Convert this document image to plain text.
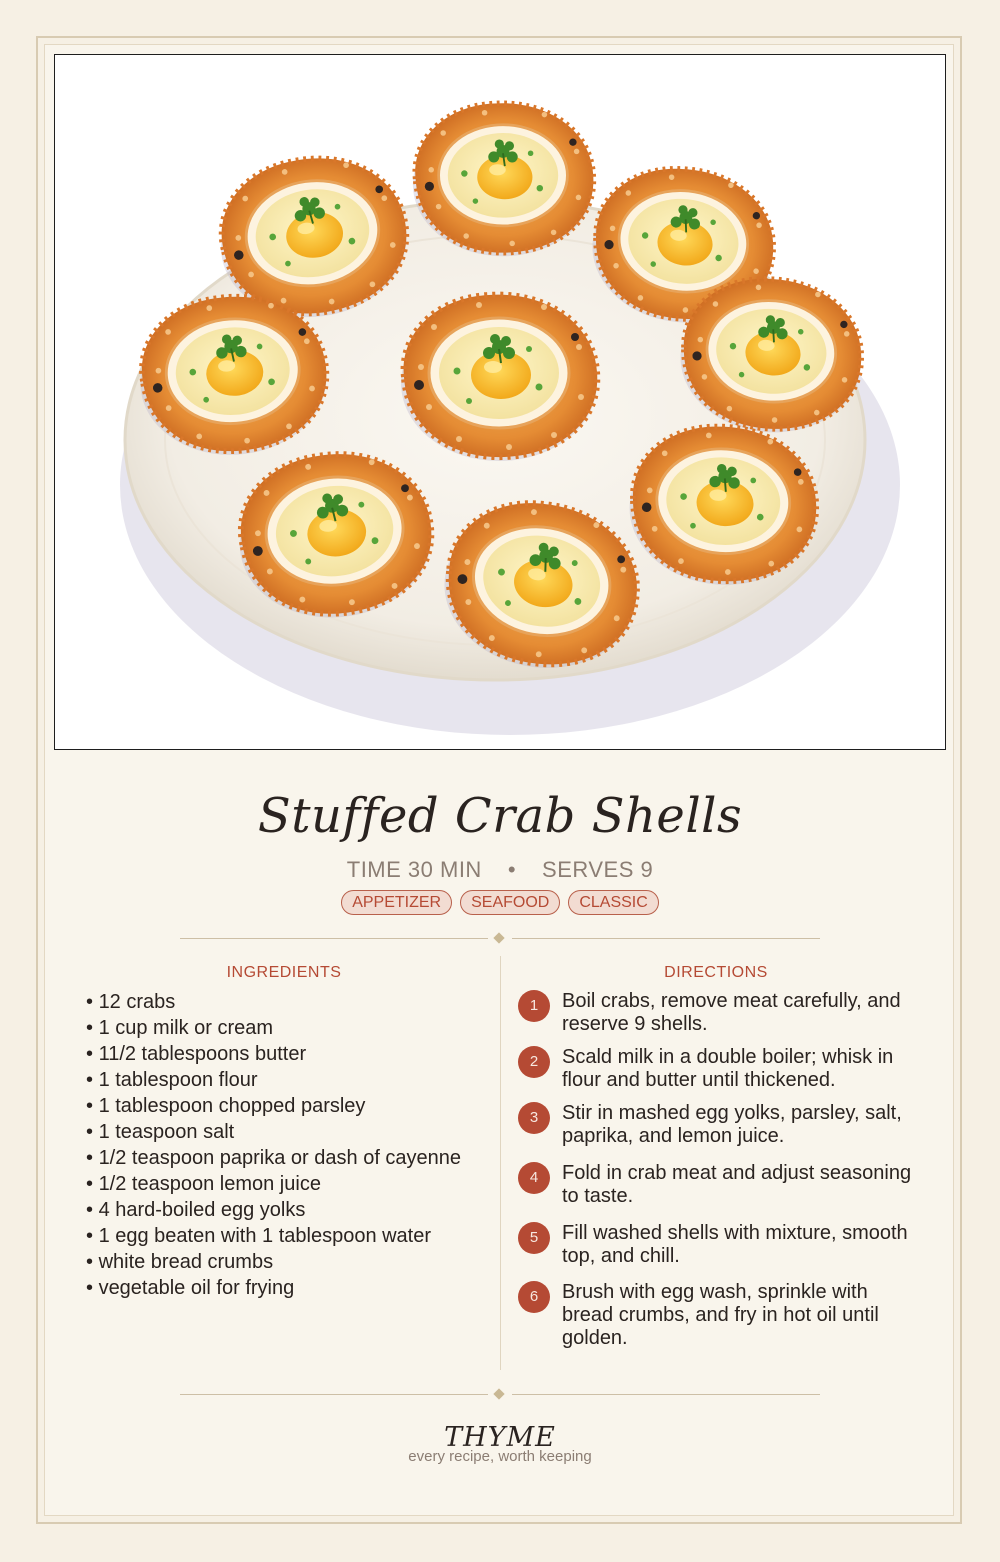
Stuffed Crab Shells
TIME 30 MIN • SERVES 9
APPETIZER SEAFOOD CLASSIC
INGREDIENTS
• 12 crabs
• 1 cup milk or cream
• 11/2 tablespoons butter
• 1 tablespoon flour
• 1 tablespoon chopped parsley
• 1 teaspoon salt
• 1/2 teaspoon paprika or dash of cayenne
• 1/2 teaspoon lemon juice
• 4 hard-boiled egg yolks
• 1 egg beaten with 1 tablespoon water
• white bread crumbs
• vegetable oil for frying
DIRECTIONS
1	Boil crabs, remove meat carefully, and reserve 9 shells.
2	Scald milk in a double boiler; whisk in flour and butter until thickened.
3	Stir in mashed egg yolks, parsley, salt, paprika, and lemon juice.
4	Fold in crab meat and adjust seasoning to taste.
5	Fill washed shells with mixture, smooth top, and chill.
6	Brush with egg wash, sprinkle with bread crumbs, and fry in hot oil until golden.
THYME
every recipe, worth keeping
